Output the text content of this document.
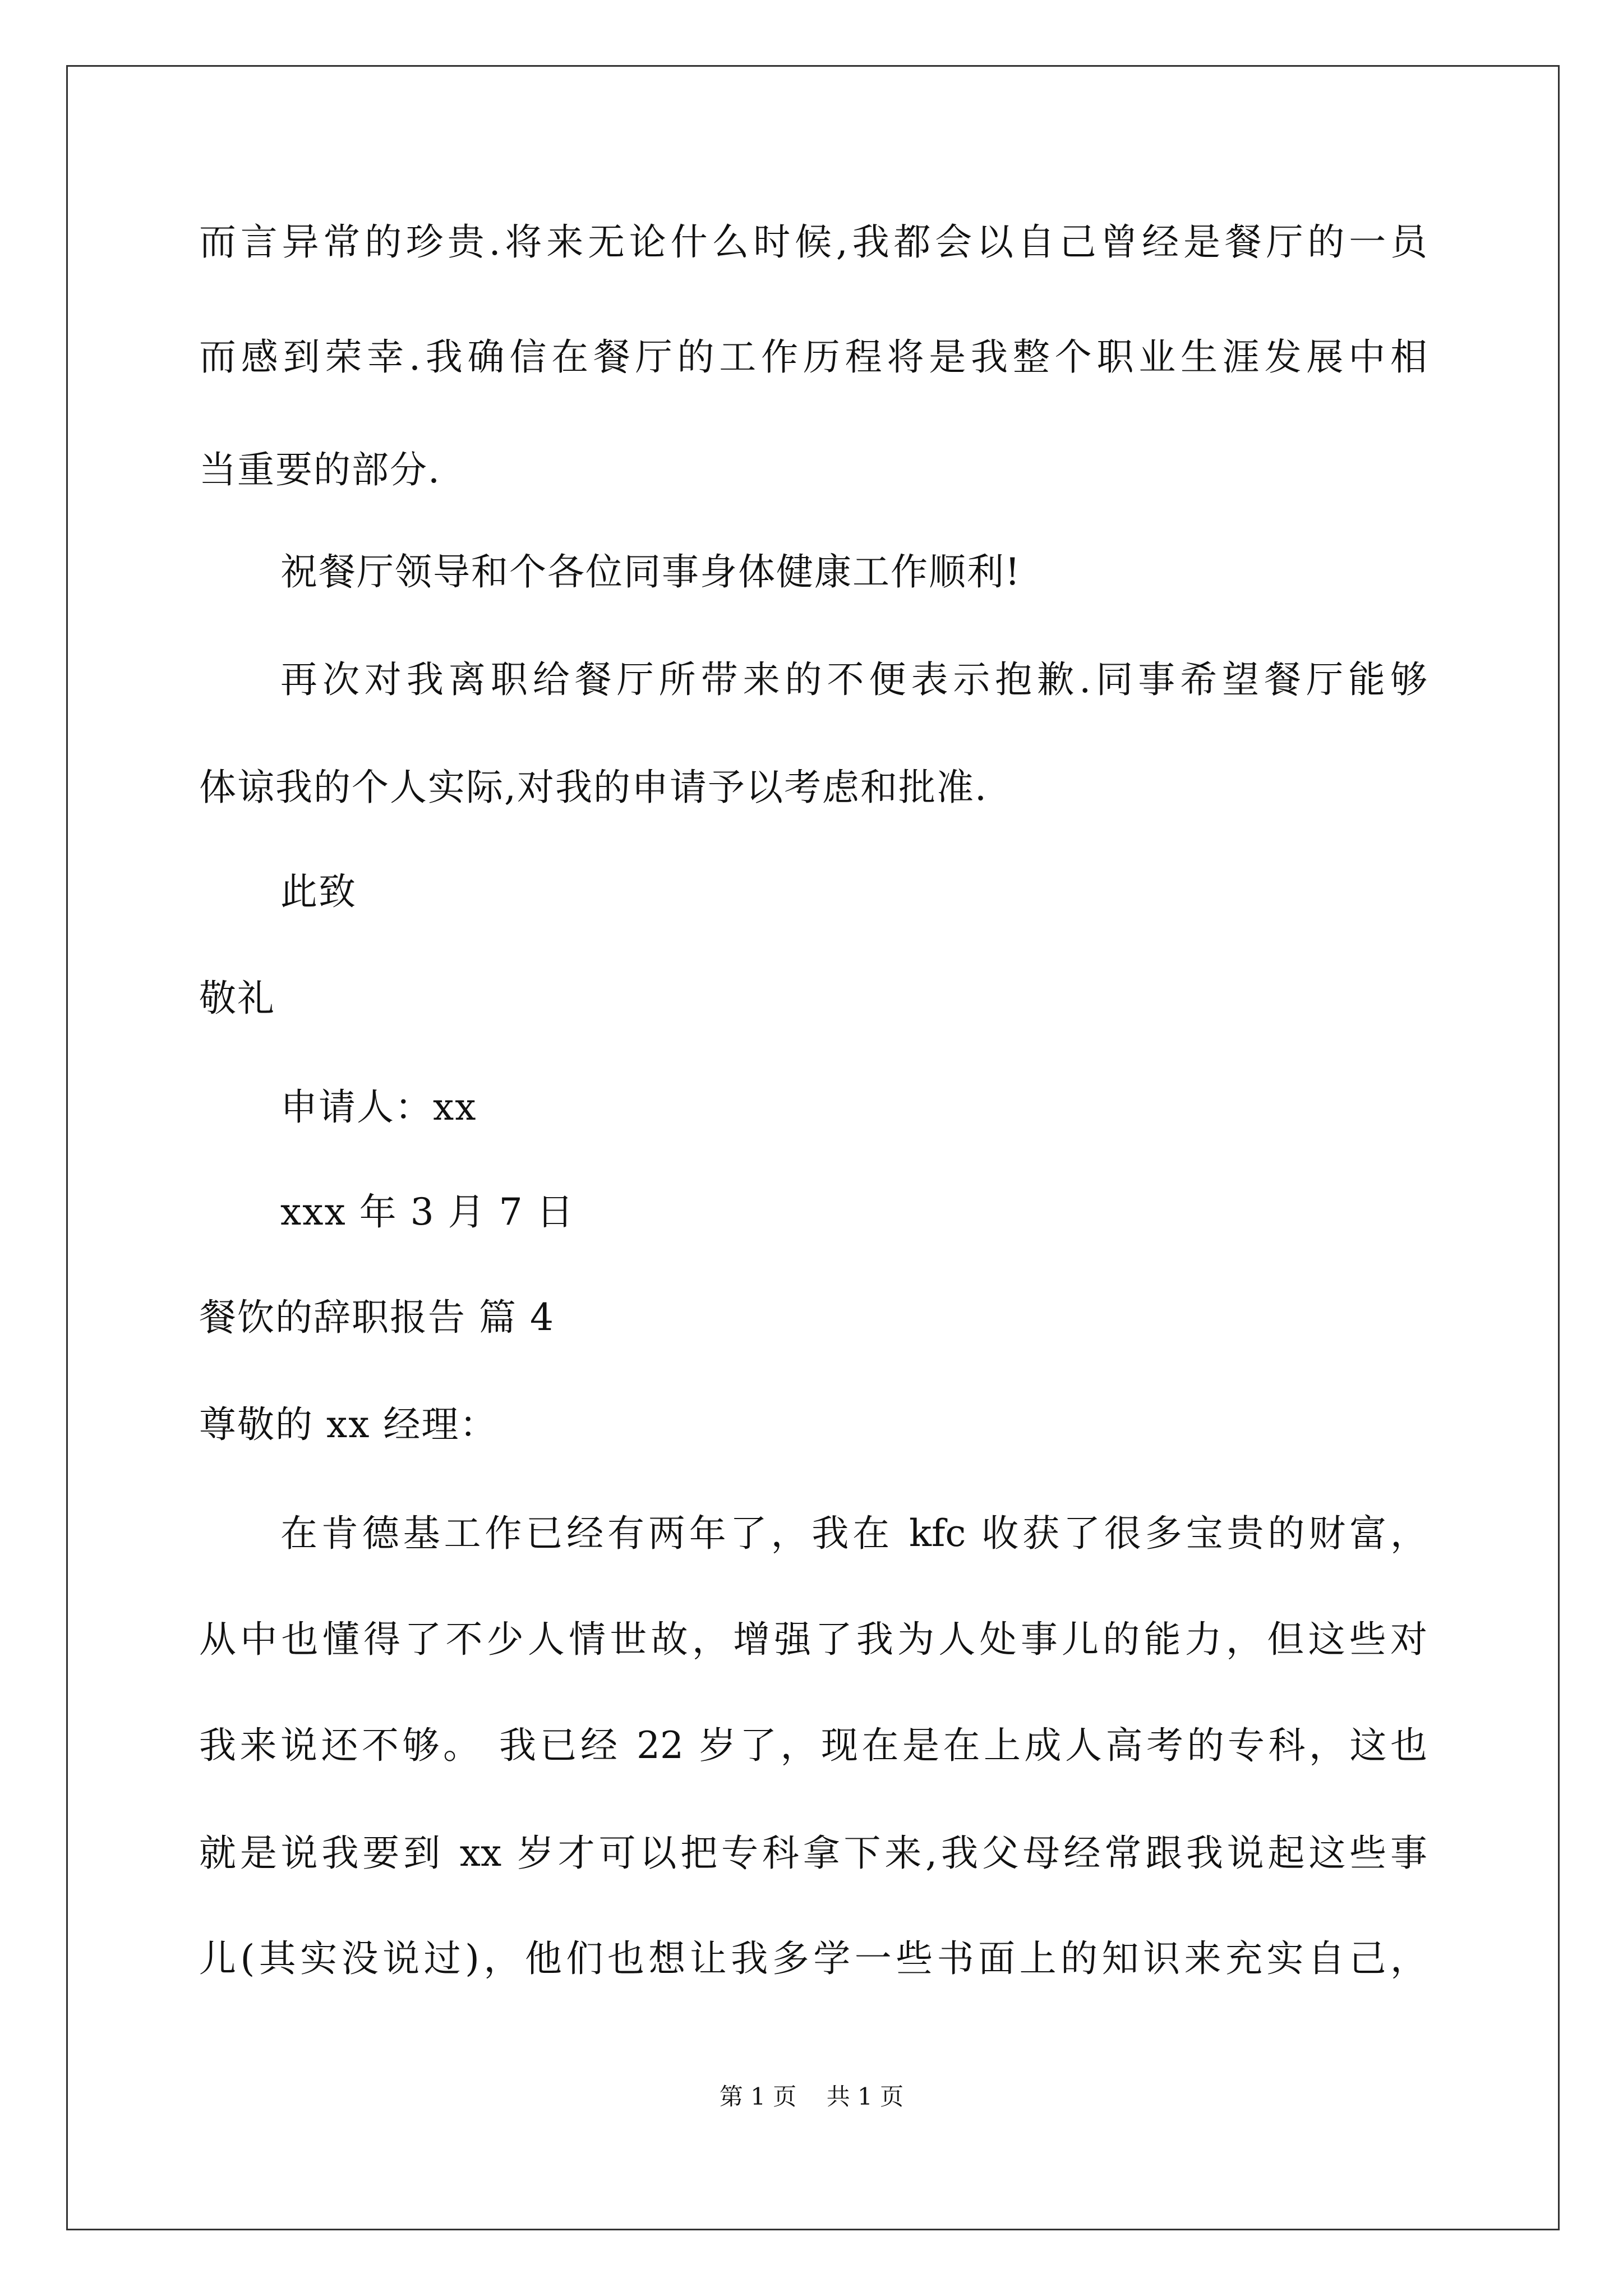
而言异常的珍贵.将来无论什么时候,我都会以自己曾经是餐厅的一员
而感到荣幸.我确信在餐厅的工作历程将是我整个职业生涯发展中相
当重要的部分.
祝餐厅领导和个各位同事身体健康工作顺利!
再次对我离职给餐厅所带来的不便表示抱歉.同事希望餐厅能够
体谅我的个人实际,对我的申请予以考虑和批准.
此致
敬礼
申请人：xx
xxx 年 3 月 7 日
餐饮的辞职报告 篇 4
尊敬的 xx 经理：
在肯德基工作已经有两年了，我在 kfc 收获了很多宝贵的财富，
从中也懂得了不少人情世故，增强了我为人处事儿的能力，但这些对
我来说还不够。 我已经 22 岁了，现在是在上成人高考的专科，这也
就是说我要到 xx 岁才可以把专科拿下来,我父母经常跟我说起这些事
儿(其实没说过)，他们也想让我多学一些书面上的知识来充实自己，
第 1 页    共 1 页
